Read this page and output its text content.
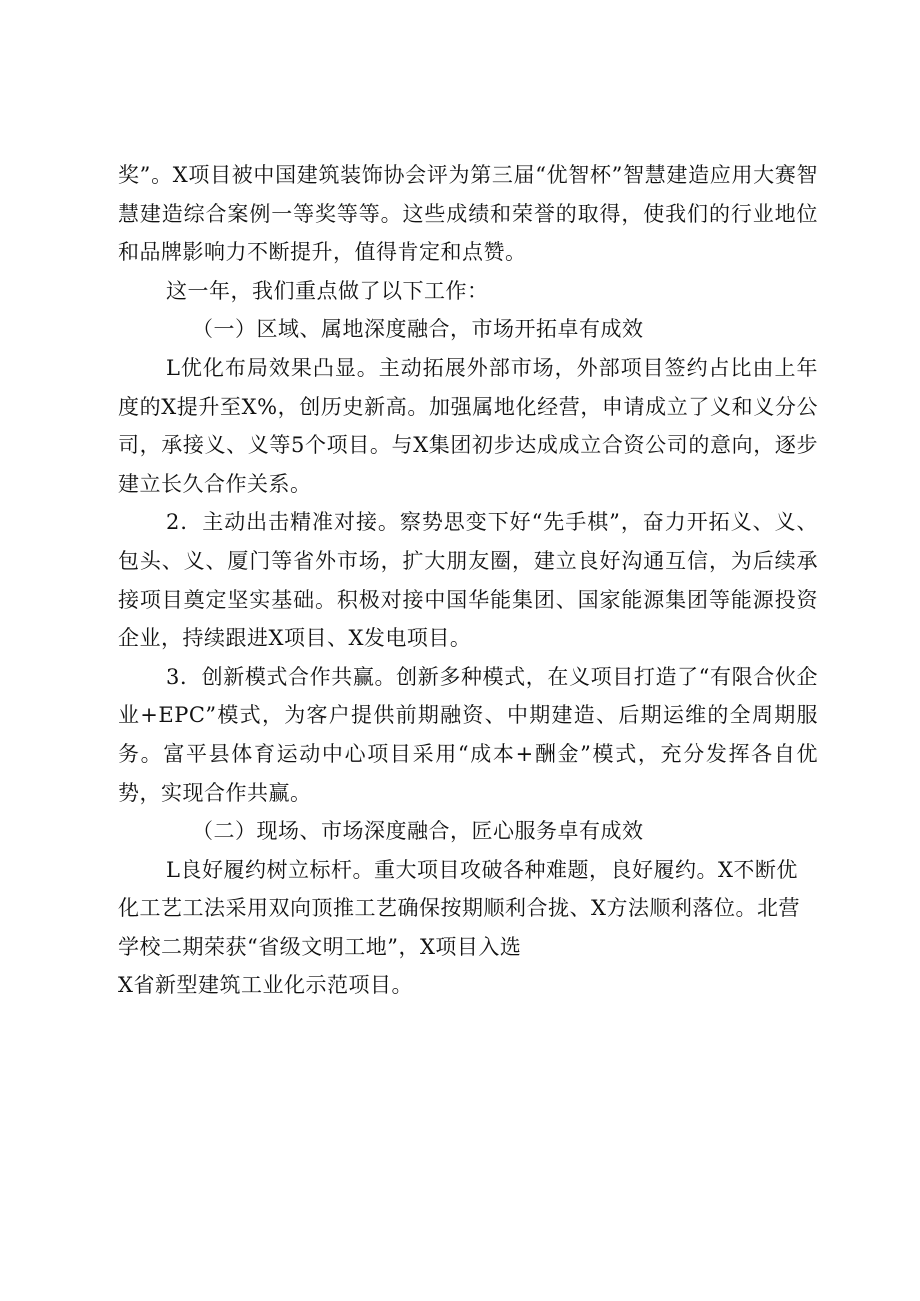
奖”。X项目被中国建筑装饰协会评为第三届“优智杯”智慧建造应用大赛智慧建造综合案例一等奖等等。这些成绩和荣誉的取得，使我们的行业地位和品牌影响力不断提升，值得肯定和点赞。

这一年，我们重点做了以下工作：

（一）区域、属地深度融合，市场开拓卓有成效

L优化布局效果凸显。主动拓展外部市场，外部项目签约占比由上年度的X提升至X%，创历史新高。加强属地化经营，申请成立了义和义分公司，承接义、义等5个项目。与X集团初步达成成立合资公司的意向，逐步建立长久合作关系。

2．主动出击精准对接。察势思变下好“先手棋”，奋力开拓义、义、包头、义、厦门等省外市场，扩大朋友圈，建立良好沟通互信，为后续承接项目奠定坚实基础。积极对接中国华能集团、国家能源集团等能源投资企业，持续跟进X项目、X发电项目。

3．创新模式合作共赢。创新多种模式，在义项目打造了“有限合伙企业+EPC”模式，为客户提供前期融资、中期建造、后期运维的全周期服务。富平县体育运动中心项目采用“成本+酬金”模式，充分发挥各自优势，实现合作共赢。

（二）现场、市场深度融合，匠心服务卓有成效

L良好履约树立标杆。重大项目攻破各种难题，良好履约。X不断优化工艺工法采用双向顶推工艺确保按期顺利合拢、X方法顺利落位。北营学校二期荣获“省级文明工地”，X项目入选

X省新型建筑工业化示范项目。
